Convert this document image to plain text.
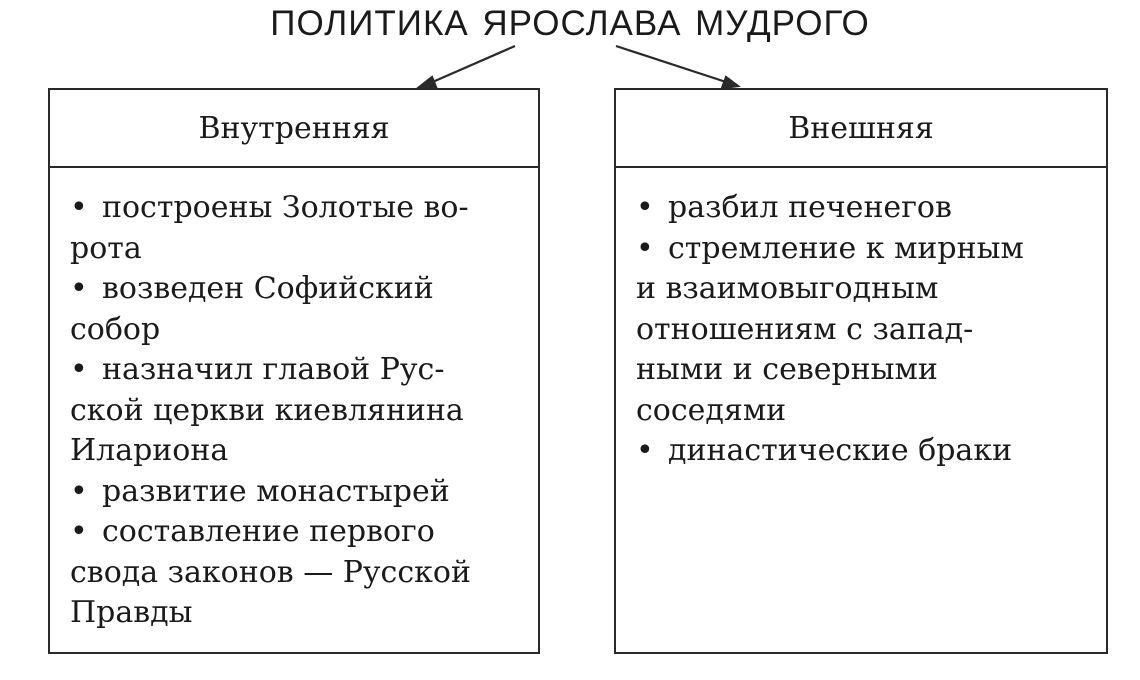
ПОЛИТИКА ЯРОСЛАВА МУДРОГО
Внутренняя
• построены Золотые во-
рота
• возведен Софийский
собор
• назначил главой Рус-
ской церкви киевлянина
Илариона
• развитие монастырей
• составление первого
свода законов — Русской
Правды
Внешняя
• разбил печенегов
• стремление к мирным
и взаимовыгодным
отношениям с запад-
ными и северными
соседями
• династические браки
